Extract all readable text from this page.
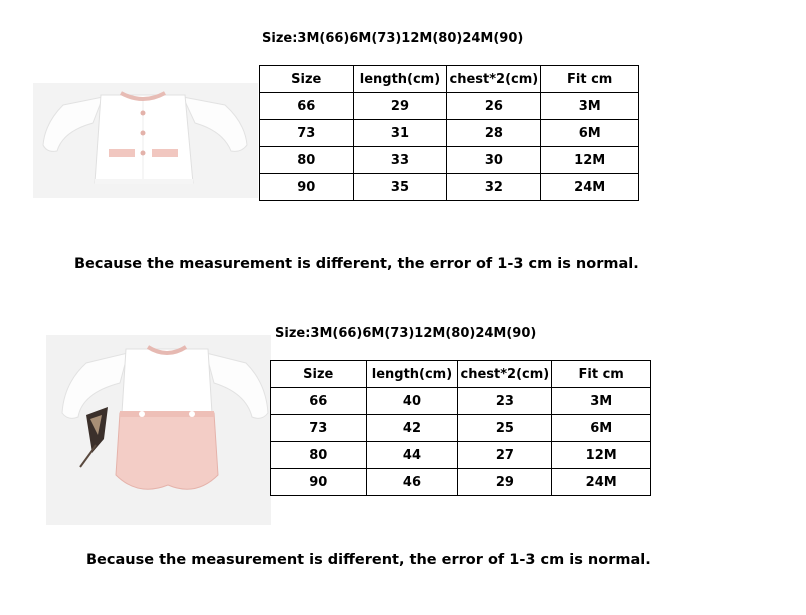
Size:3M(66)6M(73)12M(80)24M(90)
Size	length(cm)	chest*2(cm)	Fit cm
66	29	26	3M
73	31	28	6M
80	33	30	12M
90	35	32	24M
Because the measurement is different, the error of 1-3 cm is normal.
Size:3M(66)6M(73)12M(80)24M(90)
Size	length(cm)	chest*2(cm)	Fit cm
66	40	23	3M
73	42	25	6M
80	44	27	12M
90	46	29	24M
Because the measurement is different, the error of 1-3 cm is normal.
